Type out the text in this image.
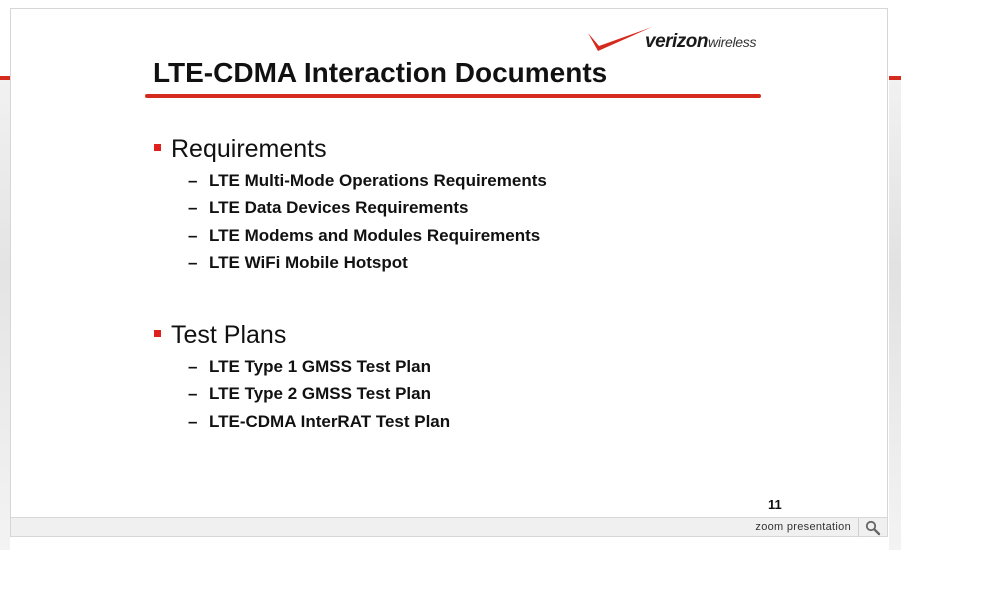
verizonwireless
LTE-CDMA Interaction Documents
Requirements
– LTE Multi-Mode Operations Requirements
– LTE Data Devices Requirements
– LTE Modems and Modules Requirements
– LTE WiFi Mobile Hotspot
Test Plans
– LTE Type 1 GMSS Test Plan
– LTE Type 2 GMSS Test Plan
– LTE-CDMA InterRAT Test Plan
11
zoom presentation
